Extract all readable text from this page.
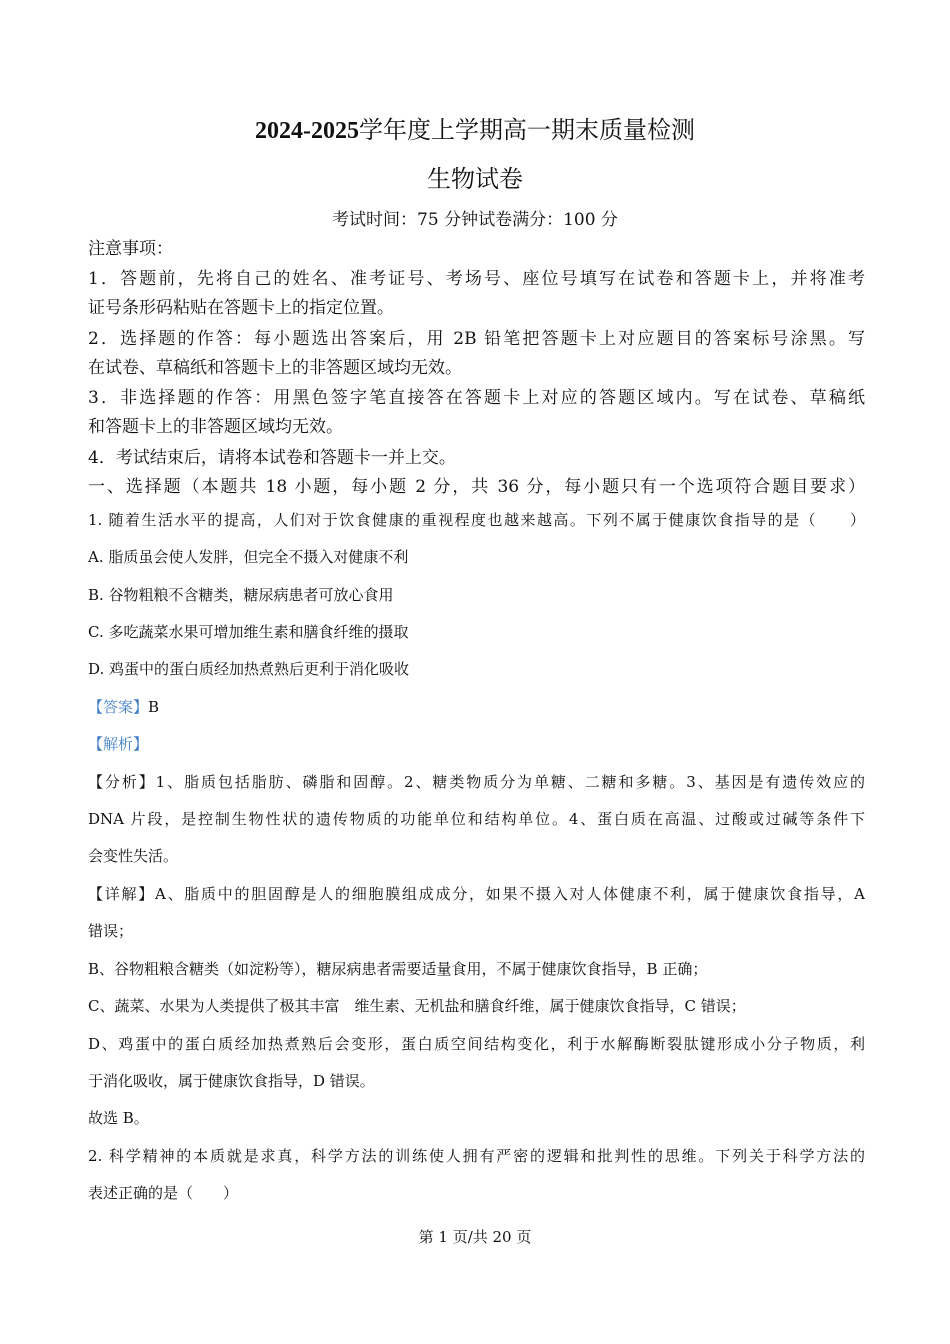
2024-2025学年度上学期高一期末质量检测
生物试卷
考试时间：75 分钟试卷满分：100 分
注意事项：
1．答题前，先将自己的姓名、准考证号、考场号、座位号填写在试卷和答题卡上，并将准考
证号条形码粘贴在答题卡上的指定位置。
2．选择题的作答：每小题选出答案后，用 2B 铅笔把答题卡上对应题目的答案标号涂黑。写
在试卷、草稿纸和答题卡上的非答题区域均无效。
3．非选择题的作答：用黑色签字笔直接答在答题卡上对应的答题区域内。写在试卷、草稿纸
和答题卡上的非答题区域均无效。
4．考试结束后，请将本试卷和答题卡一并上交。
一、选择题（本题共 18 小题，每小题 2 分，共 36 分，每小题只有一个选项符合题目要求）
1. 随着生活水平的提高，人们对于饮食健康的重视程度也越来越高。下列不属于健康饮食指导的是（　　）
A. 脂质虽会使人发胖，但完全不摄入对健康不利
B. 谷物粗粮不含糖类，糖尿病患者可放心食用
C. 多吃蔬菜水果可增加维生素和膳食纤维的摄取
D. 鸡蛋中的蛋白质经加热煮熟后更利于消化吸收
【答案】B
【解析】
【分析】1、脂质包括脂肪、磷脂和固醇。2、糖类物质分为单糖、二糖和多糖。3、基因是有遗传效应的
DNA 片段，是控制生物性状的遗传物质的功能单位和结构单位。4、蛋白质在高温、过酸或过碱等条件下
会变性失活。
【详解】A、脂质中的胆固醇是人的细胞膜组成成分，如果不摄入对人体健康不利，属于健康饮食指导，A
错误；
B、谷物粗粮含糖类（如淀粉等），糖尿病患者需要适量食用，不属于健康饮食指导，B 正确；
C、蔬菜、水果为人类提供了极其丰富　维生素、无机盐和膳食纤维，属于健康饮食指导，C 错误；
D、鸡蛋中的蛋白质经加热煮熟后会变形，蛋白质空间结构变化，利于水解酶断裂肽键形成小分子物质，利
于消化吸收，属于健康饮食指导，D 错误。
故选 B。
2. 科学精神的本质就是求真，科学方法的训练使人拥有严密的逻辑和批判性的思维。下列关于科学方法的
表述正确的是（　　）
第 1 页/共 20 页
